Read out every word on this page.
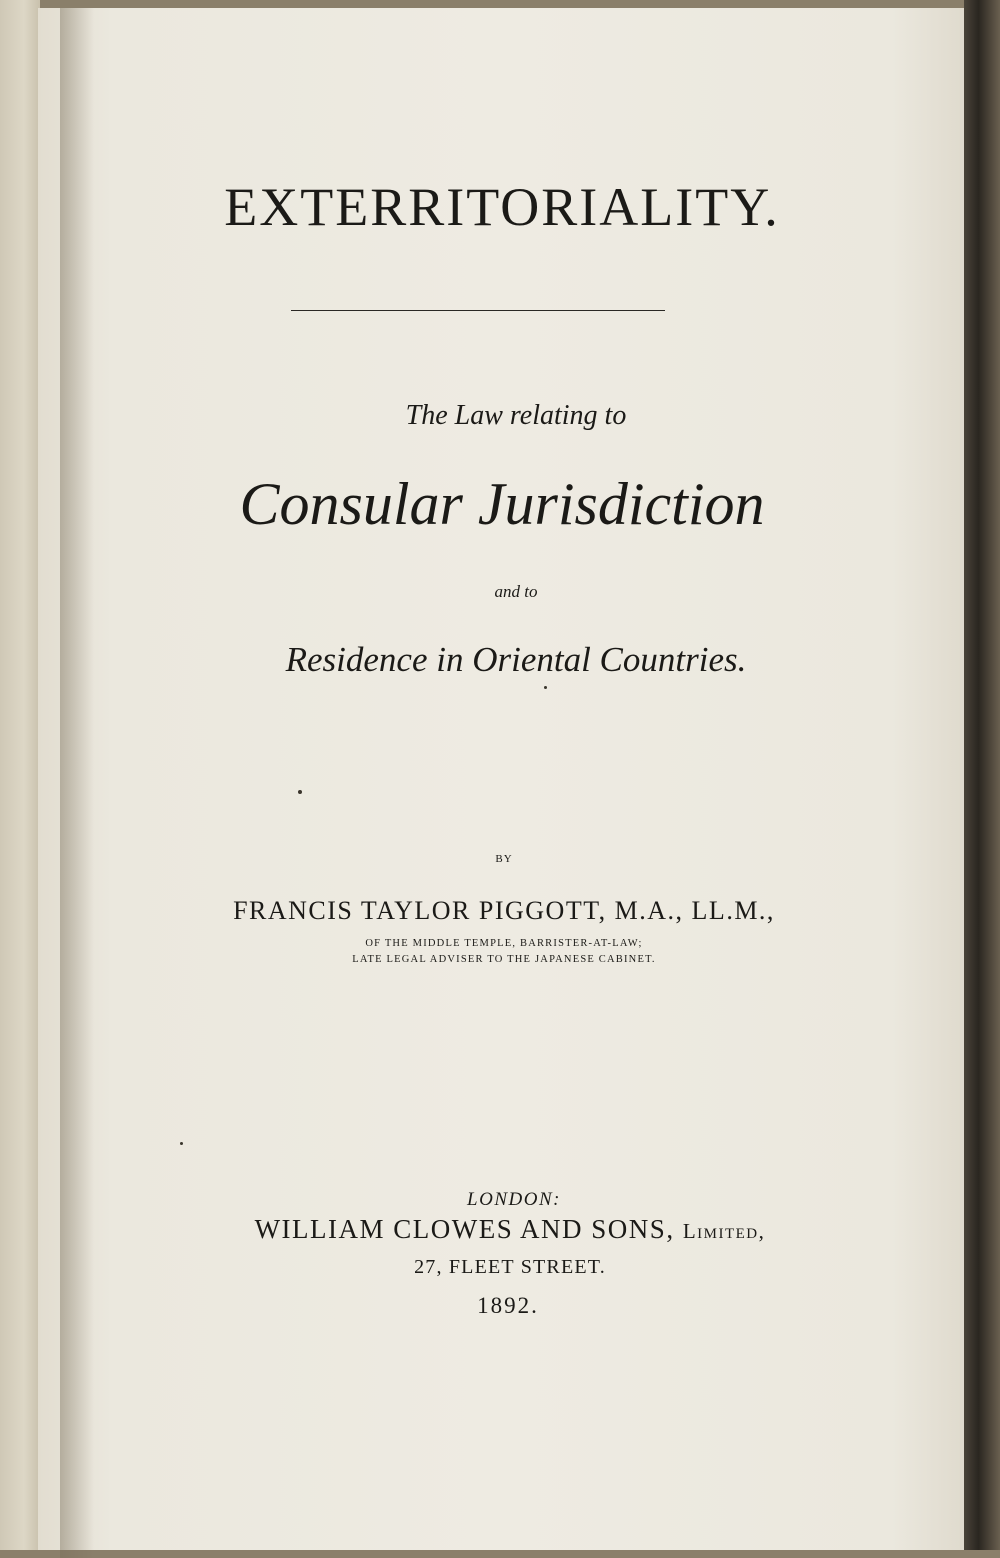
EXTERRITORIALITY.
The Law relating to
Consular Jurisdiction
and to
Residence in Oriental Countries.
BY
FRANCIS TAYLOR PIGGOTT, M.A., LL.M.,
OF THE MIDDLE TEMPLE, BARRISTER-AT-LAW;
LATE LEGAL ADVISER TO THE JAPANESE CABINET.
LONDON:
WILLIAM CLOWES AND SONS, Limited,
27, FLEET STREET.
1892.
